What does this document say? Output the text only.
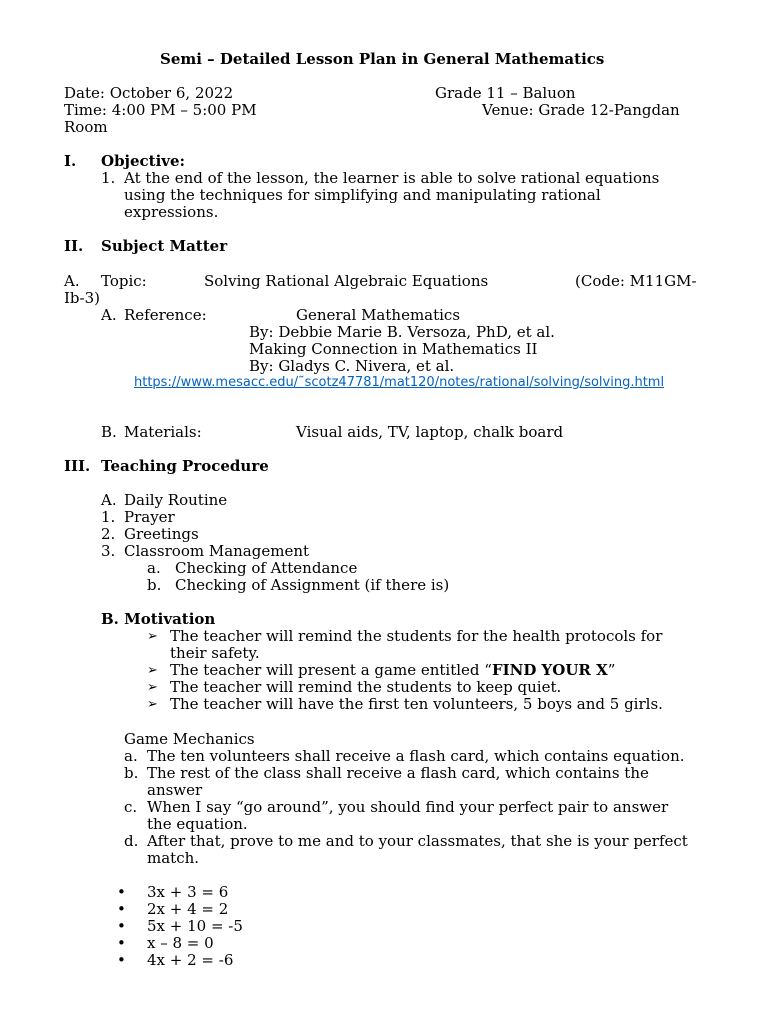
Semi – Detailed Lesson Plan in General Mathematics
Date: October 6, 2022	Grade 11 – Baluon
Time: 4:00 PM – 5:00 PM	Venue: Grade 12-Pangdan
Room
I. Objective:
1. At the end of the lesson, the learner is able to solve rational equations
using the techniques for simplifying and manipulating rational
expressions.
II. Subject Matter
A. Topic:	Solving Rational Algebraic Equations	(Code: M11GM-
Ib-3)
A. Reference:	General Mathematics
By: Debbie Marie B. Versoza, PhD, et al.
Making Connection in Mathematics II
By: Gladys C. Nivera, et al.
https://www.mesacc.edu/˜scotz47781/mat120/notes/rational/solving/solving.html
B. Materials:	Visual aids, TV, laptop, chalk board
III. Teaching Procedure
A. Daily Routine
1. Prayer
2. Greetings
3. Classroom Management
a. Checking of Attendance
b. Checking of Assignment (if there is)
B. Motivation
➢ The teacher will remind the students for the health protocols for
their safety.
➢ The teacher will present a game entitled “FIND YOUR X”
➢ The teacher will remind the students to keep quiet.
➢ The teacher will have the first ten volunteers, 5 boys and 5 girls.
Game Mechanics
a. The ten volunteers shall receive a flash card, which contains equation.
b. The rest of the class shall receive a flash card, which contains the
answer
c. When I say “go around”, you should find your perfect pair to answer
the equation.
d. After that, prove to me and to your classmates, that she is your perfect
match.
• 3x + 3 = 6
• 2x + 4 = 2
• 5x + 10 = -5
• x – 8 = 0
• 4x + 2 = -6
